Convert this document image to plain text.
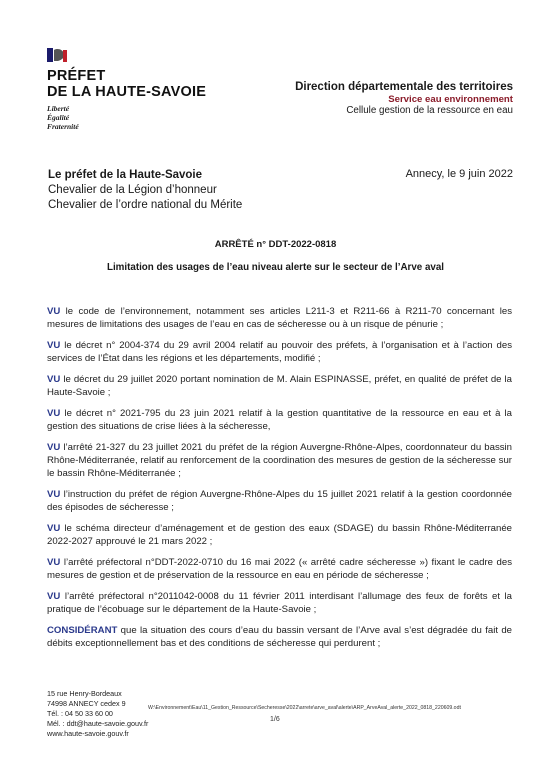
PRÉFET
DE LA HAUTE-SAVOIE
Liberté
Égalité
Fraternité
Direction départementale des territoires
Service eau environnement
Cellule gestion de la ressource en eau
Le préfet de la Haute-Savoie
Chevalier de la Légion d’honneur
Chevalier de l’ordre national du Mérite
Annecy, le 9 juin 2022
ARRÊTÉ n° DDT-2022-0818
Limitation des usages de l’eau niveau alerte sur le secteur de l’Arve aval
VU le code de l’environnement, notamment ses articles L211-3 et R211-66 à R211-70 concernant les mesures de limitations des usages de l’eau en cas de sécheresse ou à un risque de pénurie ;
VU le décret n° 2004-374 du 29 avril 2004 relatif au pouvoir des préfets, à l’organisation et à l’action des services de l’État dans les régions et les départements, modifié ;
VU le décret du 29 juillet 2020 portant nomination de M. Alain ESPINASSE, préfet, en qualité de préfet de la Haute-Savoie ;
VU le décret n° 2021-795 du 23 juin 2021 relatif à la gestion quantitative de la ressource en eau et à la gestion des situations de crise liées à la sécheresse,
VU l’arrêté 21-327 du 23 juillet 2021 du préfet de la région Auvergne-Rhône-Alpes, coordonnateur du bassin Rhône-Méditerranée, relatif au renforcement de la coordination des mesures de gestion de la sécheresse sur le bassin Rhône-Méditerranée ;
VU l’instruction du préfet de région Auvergne-Rhône-Alpes du 15 juillet 2021 relatif à la gestion coordonnée des épisodes de sécheresse ;
VU le schéma directeur d’aménagement et de gestion des eaux (SDAGE) du bassin Rhône-Méditerranée 2022-2027 approuvé le 21 mars 2022 ;
VU l’arrêté préfectoral n°DDT-2022-0710 du 16 mai 2022 (« arrêté cadre sécheresse ») fixant le cadre des mesures de gestion et de préservation de la ressource en eau en période de sécheresse ;
VU l’arrêté préfectoral n°2011042-0008 du 11 février 2011 interdisant l’allumage des feux de forêts et la pratique de l’écobuage sur le département de la Haute-Savoie ;
CONSIDÉRANT que la situation des cours d’eau du bassin versant de l’Arve aval s’est dégradée du fait de débits exceptionnellement bas et des conditions de sécheresse qui perdurent ;
15 rue Henry-Bordeaux
74998 ANNECY cedex 9
Tél. : 04 50 33 60 00
Mél. : ddt@haute-savoie.gouv.fr
www.haute-savoie.gouv.fr
W:\Environnement\Eau\11_Gestion_Ressource\Secheresse\2022\arrete\arve_aval\alerte\ARP_ArveAval_alerte_2022_0818_220609.odt
1/6
